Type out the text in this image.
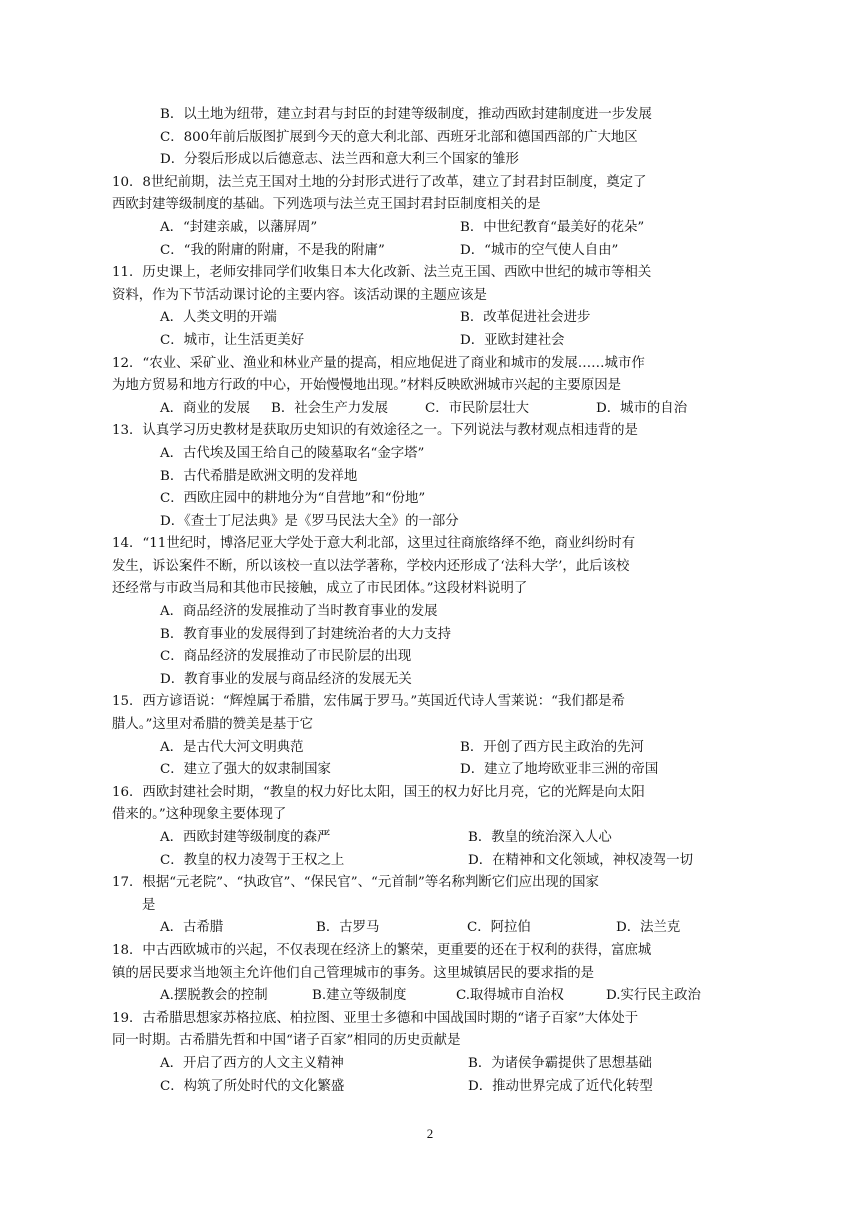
B．以土地为纽带，建立封君与封臣的封建等级制度，推动西欧封建制度进一步发展
C．800年前后版图扩展到今天的意大利北部、西班牙北部和德国西部的广大地区
D．分裂后形成以后德意志、法兰西和意大利三个国家的雏形
10．8世纪前期，法兰克王国对土地的分封形式进行了改革，建立了封君封臣制度，奠定了
西欧封建等级制度的基础。下列选项与法兰克王国封君封臣制度相关的是
A．“封建亲戚，以藩屏周”	B．中世纪教育“最美好的花朵”
C．“我的附庸的附庸，不是我的附庸”	D．“城市的空气使人自由”
11．历史课上，老师安排同学们收集日本大化改新、法兰克王国、西欧中世纪的城市等相关
资料，作为下节活动课讨论的主要内容。该活动课的主题应该是
A．人类文明的开端	B．改革促进社会进步
C．城市，让生活更美好	D．亚欧封建社会
12．“农业、采矿业、渔业和林业产量的提高，相应地促进了商业和城市的发展……城市作
为地方贸易和地方行政的中心，开始慢慢地出现。”材料反映欧洲城市兴起的主要原因是
A．商业的发展 B．社会生产力发展	C．市民阶层壮大	D．城市的自治
13．认真学习历史教材是获取历史知识的有效途径之一。下列说法与教材观点相违背的是
A．古代埃及国王给自己的陵墓取名“金字塔”
B．古代希腊是欧洲文明的发祥地
C．西欧庄园中的耕地分为“自营地”和“份地”
D．《查士丁尼法典》是《罗马民法大全》的一部分
14．“11世纪时，博洛尼亚大学处于意大利北部，这里过往商旅络绎不绝，商业纠纷时有
发生，诉讼案件不断，所以该校一直以法学著称，学校内还形成了‘法科大学’，此后该校
还经常与市政当局和其他市民接触，成立了市民团体。”这段材料说明了
A．商品经济的发展推动了当时教育事业的发展
B．教育事业的发展得到了封建统治者的大力支持
C．商品经济的发展推动了市民阶层的出现
D．教育事业的发展与商品经济的发展无关
15．西方谚语说：“辉煌属于希腊，宏伟属于罗马。”英国近代诗人雪莱说：“我们都是希
腊人。”这里对希腊的赞美是基于它
A．是古代大河文明典范	B．开创了西方民主政治的先河
C．建立了强大的奴隶制国家	D．建立了地垮欧亚非三洲的帝国
16．西欧封建社会时期，“教皇的权力好比太阳，国王的权力好比月亮，它的光辉是向太阳
借来的。”这种现象主要体现了
A．西欧封建等级制度的森严	B．教皇的统治深入人心
C．教皇的权力凌驾于王权之上	D．在精神和文化领域，神权凌驾一切
17．根据“元老院”、“执政官”、“保民官”、“元首制”等名称判断它们应出现的国家
是
A．古希腊	B．古罗马	C．阿拉伯	D．法兰克
18．中古西欧城市的兴起，不仅表现在经济上的繁荣，更重要的还在于权利的获得，富庶城
镇的居民要求当地领主允许他们自己管理城市的事务。这里城镇居民的要求指的是
A.摆脱教会的控制	B.建立等级制度	C.取得城市自治权	D.实行民主政治
19．古希腊思想家苏格拉底、柏拉图、亚里士多德和中国战国时期的“诸子百家”大体处于
同一时期。古希腊先哲和中国“诸子百家”相同的历史贡献是
A．开启了西方的人文主义精神	B．为诸侯争霸提供了思想基础
C．构筑了所处时代的文化繁盛	D．推动世界完成了近代化转型
2
